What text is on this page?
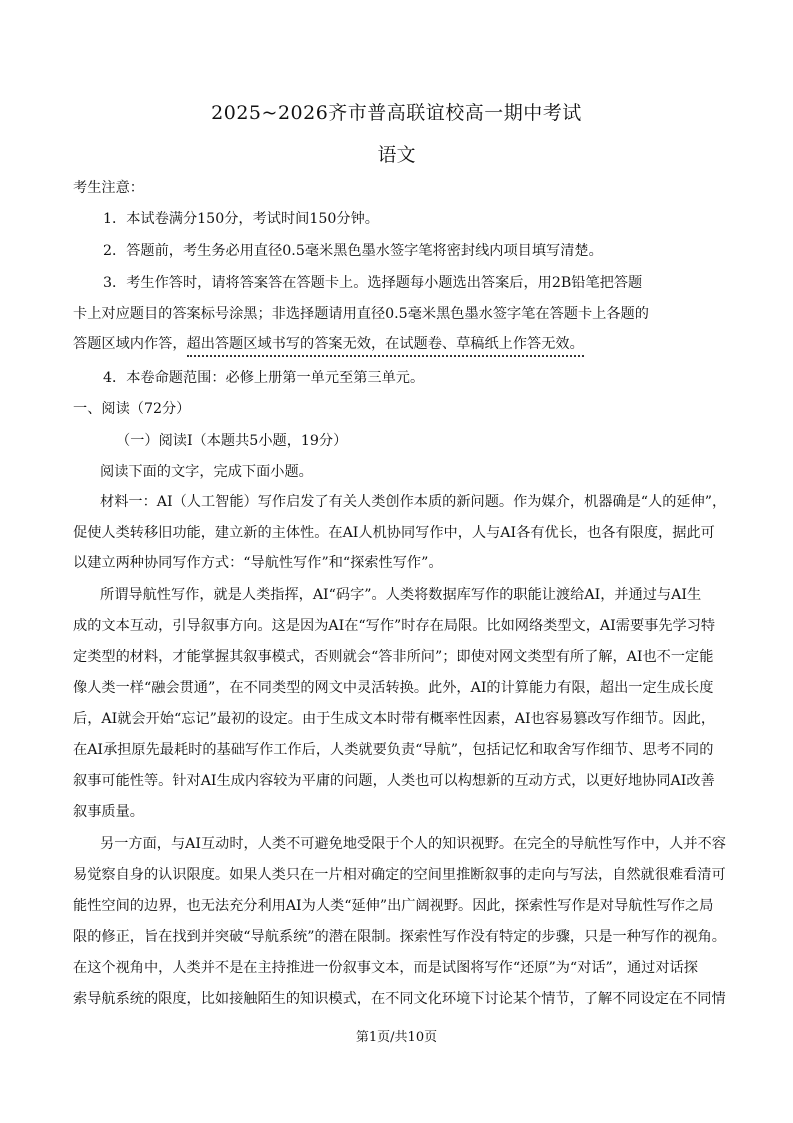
2025~2026齐市普高联谊校高一期中考试
语文
考生注意：
1．本试卷满分150分，考试时间150分钟。
2．答题前，考生务必用直径0.5毫米黑色墨水签字笔将密封线内项目填写清楚。
3．考生作答时，请将答案答在答题卡上。选择题每小题选出答案后，用2B铅笔把答题
卡上对应题目的答案标号涂黑；非选择题请用直径0.5毫米黑色墨水签字笔在答题卡上各题的
答题区域内作答，超出答题区域书写的答案无效，在试题卷、草稿纸上作答无效。
4．本卷命题范围：必修上册第一单元至第三单元。
一、阅读（72分）
（一）阅读I（本题共5小题，19分）
阅读下面的文字，完成下面小题。
材料一：AI（人工智能）写作启发了有关人类创作本质的新问题。作为媒介，机器确是“人的延伸”，
促使人类转移旧功能，建立新的主体性。在AI人机协同写作中，人与AI各有优长，也各有限度，据此可
以建立两种协同写作方式：“导航性写作”和“探索性写作”。
所谓导航性写作，就是人类指挥，AI“码字”。人类将数据库写作的职能让渡给AI，并通过与AI生
成的文本互动，引导叙事方向。这是因为AI在“写作”时存在局限。比如网络类型文，AI需要事先学习特
定类型的材料，才能掌握其叙事模式，否则就会“答非所问”；即使对网文类型有所了解，AI也不一定能
像人类一样“融会贯通”，在不同类型的网文中灵活转换。此外，AI的计算能力有限，超出一定生成长度
后，AI就会开始“忘记”最初的设定。由于生成文本时带有概率性因素，AI也容易篡改写作细节。因此，
在AI承担原先最耗时的基础写作工作后，人类就要负责“导航”，包括记忆和取舍写作细节、思考不同的
叙事可能性等。针对AI生成内容较为平庸的问题，人类也可以构想新的互动方式，以更好地协同AI改善
叙事质量。
另一方面，与AI互动时，人类不可避免地受限于个人的知识视野。在完全的导航性写作中，人并不容
易觉察自身的认识限度。如果人类只在一片相对确定的空间里推断叙事的走向与写法，自然就很难看清可
能性空间的边界，也无法充分利用AI为人类“延伸”出广阔视野。因此，探索性写作是对导航性写作之局
限的修正，旨在找到并突破“导航系统”的潜在限制。探索性写作没有特定的步骤，只是一种写作的视角。
在这个视角中，人类并不是在主持推进一份叙事文本，而是试图将写作“还原”为“对话”，通过对话探
索导航系统的限度，比如接触陌生的知识模式，在不同文化环境下讨论某个情节，了解不同设定在不同情
第1页/共10页
